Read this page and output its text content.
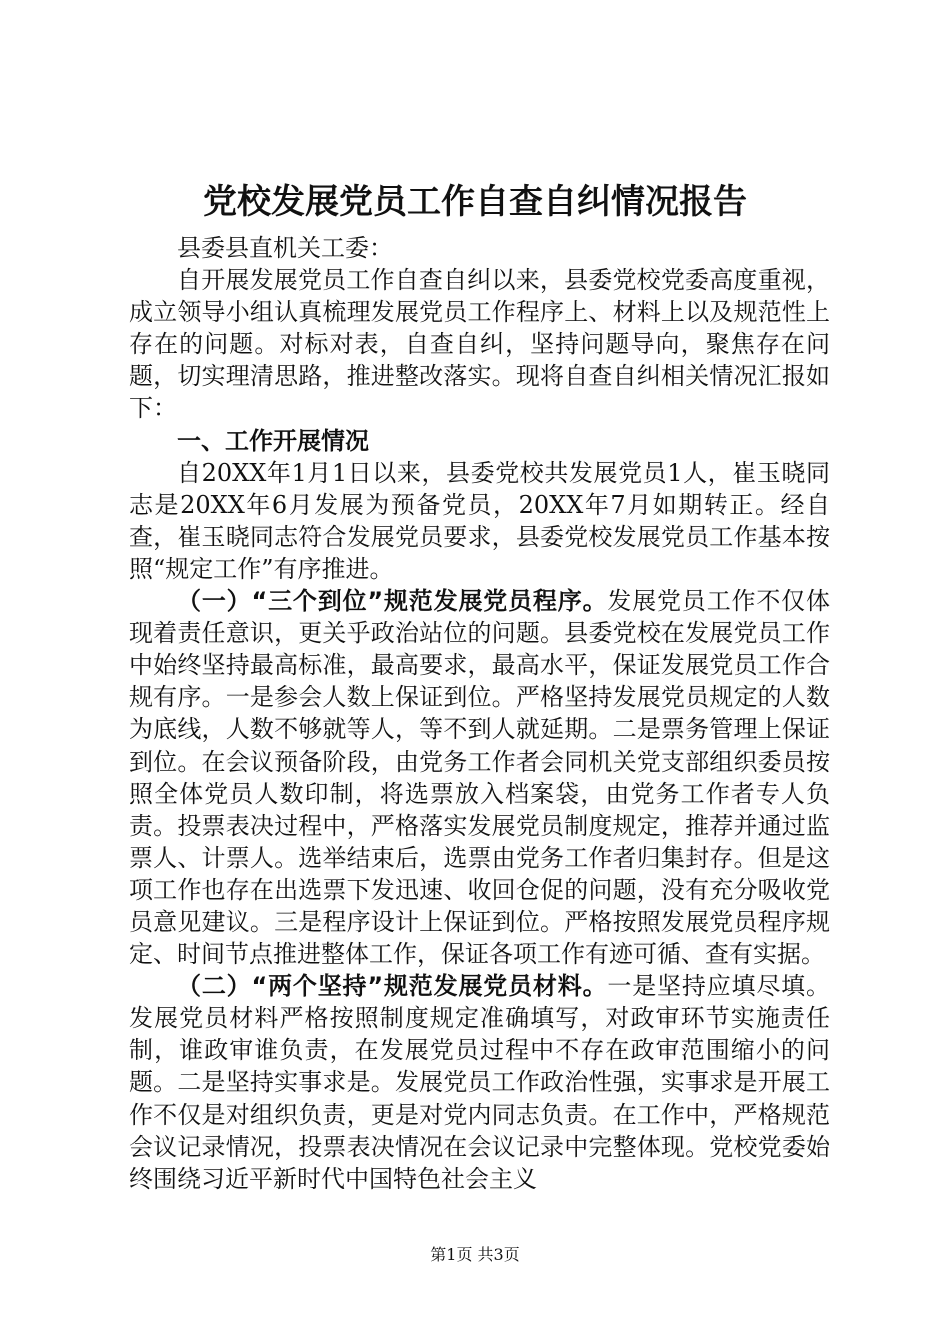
党校发展党员工作自查自纠情况报告

县委县直机关工委：

自开展发展党员工作自查自纠以来，县委党校党委高度重视，成立领导小组认真梳理发展党员工作程序上、材料上以及规范性上存在的问题。对标对表，自查自纠，坚持问题导向，聚焦存在问题，切实理清思路，推进整改落实。现将自查自纠相关情况汇报如下：

一、工作开展情况

自20XX年1月1日以来，县委党校共发展党员1人，崔玉晓同志是20XX年6月发展为预备党员，20XX年7月如期转正。经自查，崔玉晓同志符合发展党员要求，县委党校发展党员工作基本按照“规定工作”有序推进。

（一）“三个到位”规范发展党员程序。发展党员工作不仅体现着责任意识，更关乎政治站位的问题。县委党校在发展党员工作中始终坚持最高标准，最高要求，最高水平，保证发展党员工作合规有序。一是参会人数上保证到位。严格坚持发展党员规定的人数为底线，人数不够就等人，等不到人就延期。二是票务管理上保证到位。在会议预备阶段，由党务工作者会同机关党支部组织委员按照全体党员人数印制，将选票放入档案袋，由党务工作者专人负责。投票表决过程中，严格落实发展党员制度规定，推荐并通过监票人、计票人。选举结束后，选票由党务工作者归集封存。但是这项工作也存在出选票下发迅速、收回仓促的问题，没有充分吸收党员意见建议。三是程序设计上保证到位。严格按照发展党员程序规定、时间节点推进整体工作，保证各项工作有迹可循、查有实据。

（二）“两个坚持”规范发展党员材料。一是坚持应填尽填。发展党员材料严格按照制度规定准确填写，对政审环节实施责任制，谁政审谁负责，在发展党员过程中不存在政审范围缩小的问题。二是坚持实事求是。发展党员工作政治性强，实事求是开展工作不仅是对组织负责，更是对党内同志负责。在工作中，严格规范会议记录情况，投票表决情况在会议记录中完整体现。党校党委始终围绕习近平新时代中国特色社会主义

第1页 共3页
